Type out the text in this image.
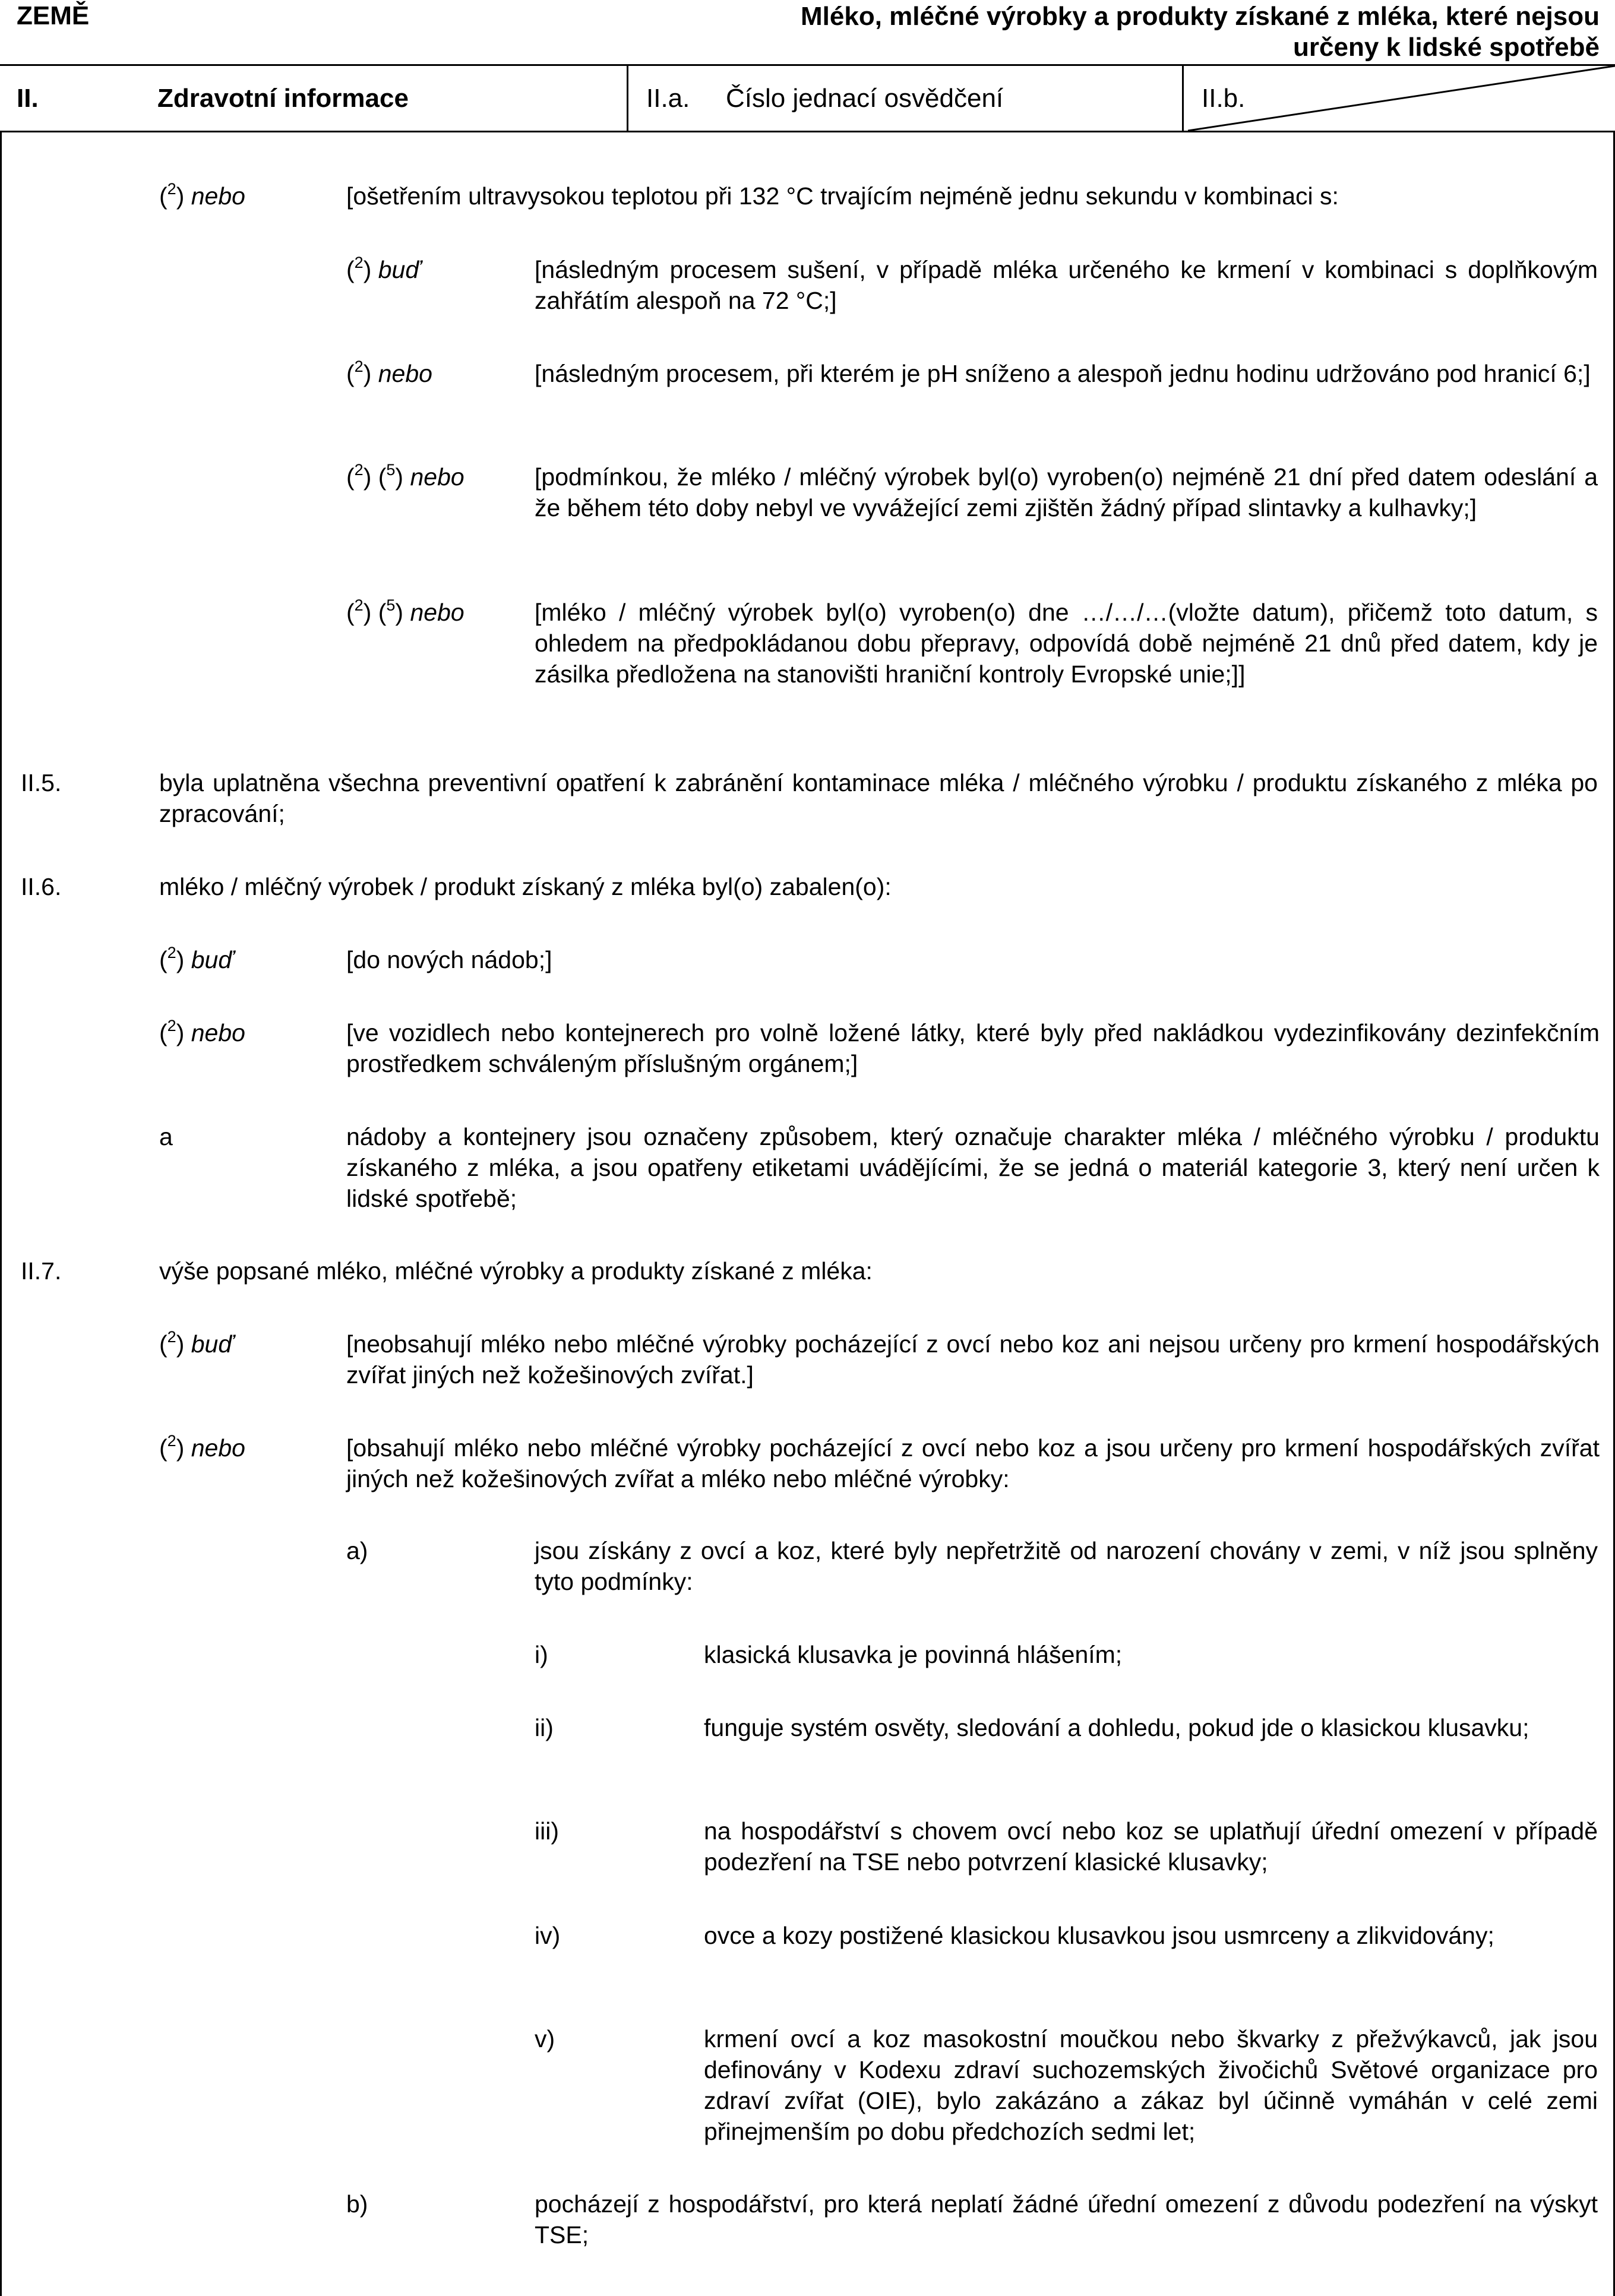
ZEMĚ	Mléko, mléčné výrobky a produkty získané z mléka, které nejsou určeny k lidské spotřebě
II.	Zdravotní informace	II.a. Číslo jednací osvědčení	II.b.
($^2$) nebo	[ošetřením ultravysokou teplotou při 132 °C trvajícím nejméně jednu sekundu v kombinaci s:
($^2$) buď	[následným procesem sušení, v případě mléka určeného ke krmení v kombinaci s doplňkovým zahřátím alespoň na 72 °C;]
($^2$) nebo	[následným procesem, při kterém je pH sníženo a alespoň jednu hodinu udržováno pod hranicí 6;]
($^2$) ($^5$) nebo	[podmínkou, že mléko / mléčný výrobek byl(o) vyroben(o) nejméně 21 dní před datem odeslání a že během této doby nebyl ve vyvážející zemi zjištěn žádný případ slintavky a kulhavky;]
($^2$) ($^5$) nebo	[mléko / mléčný výrobek byl(o) vyroben(o) dne …/…/…(vložte datum), přičemž toto datum, s ohledem na předpokládanou dobu přepravy, odpovídá době nejméně 21 dnů před datem, kdy je zásilka předložena na stanovišti hraniční kontroly Evropské unie;]]
II.5.	byla uplatněna všechna preventivní opatření k zabránění kontaminace mléka / mléčného výrobku / produktu získaného z mléka po zpracování;
II.6.	mléko / mléčný výrobek / produkt získaný z mléka byl(o) zabalen(o):
($^2$) buď	[do nových nádob;]
($^2$) nebo	[ve vozidlech nebo kontejnerech pro volně ložené látky, které byly před nakládkou vydezinfikovány dezinfekčním prostředkem schváleným příslušným orgánem;]
a	nádoby a kontejnery jsou označeny způsobem, který označuje charakter mléka / mléčného výrobku / produktu získaného z mléka, a jsou opatřeny etiketami uvádějícími, že se jedná o materiál kategorie 3, který není určen k lidské spotřebě;
II.7.	výše popsané mléko, mléčné výrobky a produkty získané z mléka:
($^2$) buď	[neobsahují mléko nebo mléčné výrobky pocházející z ovcí nebo koz ani nejsou určeny pro krmení hospodářských zvířat jiných než kožešinových zvířat.]
($^2$) nebo	[obsahují mléko nebo mléčné výrobky pocházející z ovcí nebo koz a jsou určeny pro krmení hospodářských zvířat jiných než kožešinových zvířat a mléko nebo mléčné výrobky:
a)	jsou získány z ovcí a koz, které byly nepřetržitě od narození chovány v zemi, v níž jsou splněny tyto podmínky:
i)	klasická klusavka je povinná hlášením;
ii)	funguje systém osvěty, sledování a dohledu, pokud jde o klasickou klusavku;
iii)	na hospodářství s chovem ovcí nebo koz se uplatňují úřední omezení v případě podezření na TSE nebo potvrzení klasické klusavky;
iv)	ovce a kozy postižené klasickou klusavkou jsou usmrceny a zlikvidovány;
v)	krmení ovcí a koz masokostní moučkou nebo škvarky z přežvýkavců, jak jsou definovány v Kodexu zdraví suchozemských živočichů Světové organizace pro zdraví zvířat (OIE), bylo zakázáno a zákaz byl účinně vymáhán v celé zemi přinejmenším po dobu předchozích sedmi let;
b)	pocházejí z hospodářství, pro která neplatí žádné úřední omezení z důvodu podezření na výskyt TSE;
